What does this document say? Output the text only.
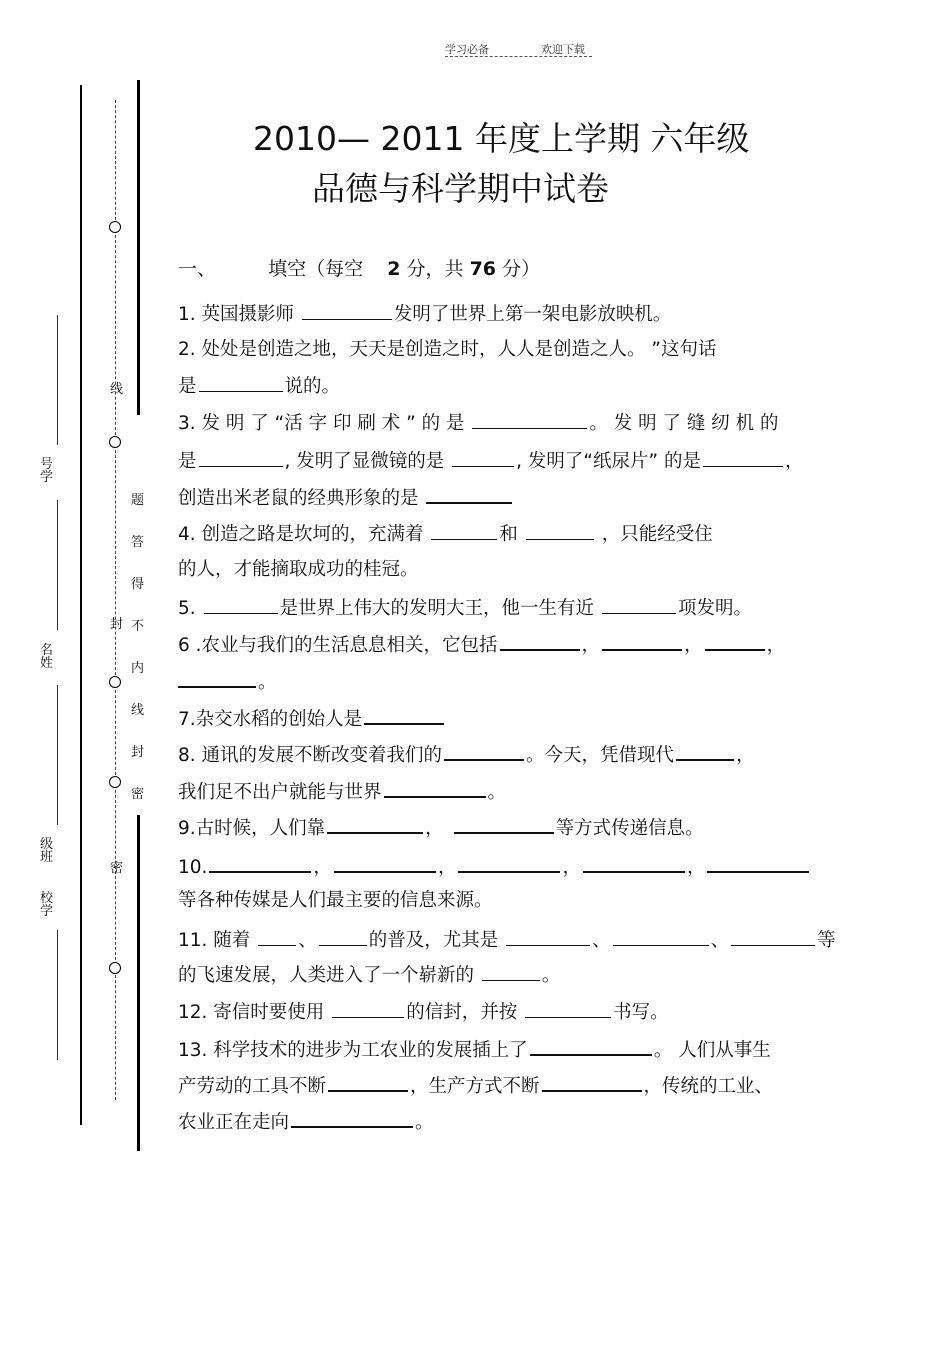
学习必备	欢迎下载
线
题
答
得
不
内
线
封
密
封
密
号学
名姓
级班
校学
2010— 2011 年度上学期 六年级
品德与科学期中试卷
一、	填空（每空 2 分，共 76 分）
1. 英国摄影师	发明了世界上第一架电影放映机。
2. 处处是创造之地，天天是创造之时，人人是创造之人。 ”这句话
是	说的。
3. 发 明 了 “活 字 印 刷 术 ” 的 是	。 发 明 了 缝 纫 机 的
是	, 发明了显微镜的是	, 发明了“纸尿片” 的是	，
创造出米老鼠的经典形象的是
4. 创造之路是坎坷的，充满着	和	，只能经受住
的人，才能摘取成功的桂冠。
5.	是世界上伟大的发明大王，他一生有近	项发明。
6 .农业与我们的生活息息相关，它包括	，	，	，
。
7.杂交水稻的创始人是
8. 通讯的发展不断改变着我们的	。今天，凭借现代	，
我们足不出户就能与世界	。
9.古时候，人们靠	，	等方式传递信息。
10.	，	，	，	，
等各种传媒是人们最主要的信息来源。
11. 随着 、	的普及，尤其是	、	、	等
的飞速发展，人类进入了一个崭新的	。
12. 寄信时要使用	的信封，并按	书写。
13. 科学技术的进步为工农业的发展插上了	。 人们从事生
产劳动的工具不断	，生产方式不断	，传统的工业、
农业正在走向	。
